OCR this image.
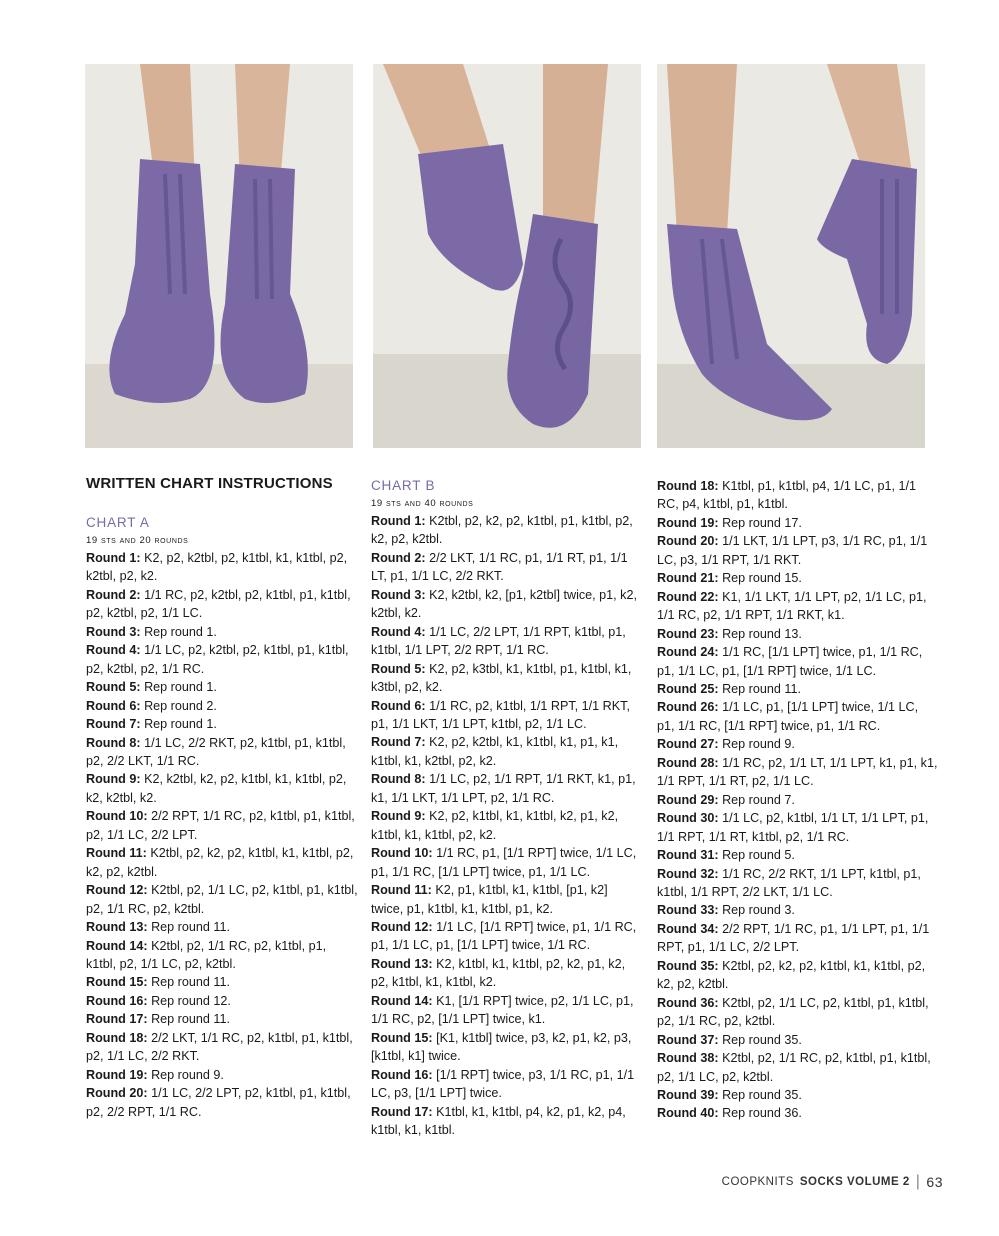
WRITTEN CHART INSTRUCTIONS
CHART A
19 sts and 20 rounds

Round 1: K2, p2, k2tbl, p2, k1tbl, k1, k1tbl, p2, k2tbl, p2, k2.

Round 2: 1/1 RC, p2, k2tbl, p2, k1tbl, p1, k1tbl, p2, k2tbl, p2, 1/1 LC.

Round 3: Rep round 1.

Round 4: 1/1 LC, p2, k2tbl, p2, k1tbl, p1, k1tbl, p2, k2tbl, p2, 1/1 RC.

Round 5: Rep round 1.

Round 6: Rep round 2.

Round 7: Rep round 1.

Round 8: 1/1 LC, 2/2 RKT, p2, k1tbl, p1, k1tbl, p2, 2/2 LKT, 1/1 RC.

Round 9: K2, k2tbl, k2, p2, k1tbl, k1, k1tbl, p2, k2, k2tbl, k2.

Round 10: 2/2 RPT, 1/1 RC, p2, k1tbl, p1, k1tbl, p2, 1/1 LC, 2/2 LPT.

Round 11: K2tbl, p2, k2, p2, k1tbl, k1, k1tbl, p2, k2, p2, k2tbl.

Round 12: K2tbl, p2, 1/1 LC, p2, k1tbl, p1, k1tbl, p2, 1/1 RC, p2, k2tbl.

Round 13: Rep round 11.

Round 14: K2tbl, p2, 1/1 RC, p2, k1tbl, p1, k1tbl, p2, 1/1 LC, p2, k2tbl.

Round 15: Rep round 11.

Round 16: Rep round 12.

Round 17: Rep round 11.

Round 18: 2/2 LKT, 1/1 RC, p2, k1tbl, p1, k1tbl, p2, 1/1 LC, 2/2 RKT.

Round 19: Rep round 9.

Round 20: 1/1 LC, 2/2 LPT, p2, k1tbl, p1, k1tbl, p2, 2/2 RPT, 1/1 RC.

CHART B
19 sts and 40 rounds

Round 1: K2tbl, p2, k2, p2, k1tbl, p1, k1tbl, p2, k2, p2, k2tbl.

Round 2: 2/2 LKT, 1/1 RC, p1, 1/1 RT, p1, 1/1 LT, p1, 1/1 LC, 2/2 RKT.

Round 3: K2, k2tbl, k2, [p1, k2tbl] twice, p1, k2, k2tbl, k2.

Round 4: 1/1 LC, 2/2 LPT, 1/1 RPT, k1tbl, p1, k1tbl, 1/1 LPT, 2/2 RPT, 1/1 RC.

Round 5: K2, p2, k3tbl, k1, k1tbl, p1, k1tbl, k1, k3tbl, p2, k2.

Round 6: 1/1 RC, p2, k1tbl, 1/1 RPT, 1/1 RKT, p1, 1/1 LKT, 1/1 LPT, k1tbl, p2, 1/1 LC.

Round 7: K2, p2, k2tbl, k1, k1tbl, k1, p1, k1, k1tbl, k1, k2tbl, p2, k2.

Round 8: 1/1 LC, p2, 1/1 RPT, 1/1 RKT, k1, p1, k1, 1/1 LKT, 1/1 LPT, p2, 1/1 RC.

Round 9: K2, p2, k1tbl, k1, k1tbl, k2, p1, k2, k1tbl, k1, k1tbl, p2, k2.

Round 10: 1/1 RC, p1, [1/1 RPT] twice, 1/1 LC, p1, 1/1 RC, [1/1 LPT] twice, p1, 1/1 LC.

Round 11: K2, p1, k1tbl, k1, k1tbl, [p1, k2] twice, p1, k1tbl, k1, k1tbl, p1, k2.

Round 12: 1/1 LC, [1/1 RPT] twice, p1, 1/1 RC, p1, 1/1 LC, p1, [1/1 LPT] twice, 1/1 RC.

Round 13: K2, k1tbl, k1, k1tbl, p2, k2, p1, k2, p2, k1tbl, k1, k1tbl, k2.

Round 14: K1, [1/1 RPT] twice, p2, 1/1 LC, p1, 1/1 RC, p2, [1/1 LPT] twice, k1.

Round 15: [K1, k1tbl] twice, p3, k2, p1, k2, p3, [k1tbl, k1] twice.

Round 16: [1/1 RPT] twice, p3, 1/1 RC, p1, 1/1 LC, p3, [1/1 LPT] twice.

Round 17: K1tbl, k1, k1tbl, p4, k2, p1, k2, p4, k1tbl, k1, k1tbl.

Round 18: K1tbl, p1, k1tbl, p4, 1/1 LC, p1, 1/1 RC, p4, k1tbl, p1, k1tbl.

Round 19: Rep round 17.

Round 20: 1/1 LKT, 1/1 LPT, p3, 1/1 RC, p1, 1/1 LC, p3, 1/1 RPT, 1/1 RKT.

Round 21: Rep round 15.

Round 22: K1, 1/1 LKT, 1/1 LPT, p2, 1/1 LC, p1, 1/1 RC, p2, 1/1 RPT, 1/1 RKT, k1.

Round 23: Rep round 13.

Round 24: 1/1 RC, [1/1 LPT] twice, p1, 1/1 RC, p1, 1/1 LC, p1, [1/1 RPT] twice, 1/1 LC.

Round 25: Rep round 11.

Round 26: 1/1 LC, p1, [1/1 LPT] twice, 1/1 LC, p1, 1/1 RC, [1/1 RPT] twice, p1, 1/1 RC.

Round 27: Rep round 9.

Round 28: 1/1 RC, p2, 1/1 LT, 1/1 LPT, k1, p1, k1, 1/1 RPT, 1/1 RT, p2, 1/1 LC.

Round 29: Rep round 7.

Round 30: 1/1 LC, p2, k1tbl, 1/1 LT, 1/1 LPT, p1, 1/1 RPT, 1/1 RT, k1tbl, p2, 1/1 RC.

Round 31: Rep round 5.

Round 32: 1/1 RC, 2/2 RKT, 1/1 LPT, k1tbl, p1, k1tbl, 1/1 RPT, 2/2 LKT, 1/1 LC.

Round 33: Rep round 3.

Round 34: 2/2 RPT, 1/1 RC, p1, 1/1 LPT, p1, 1/1 RPT, p1, 1/1 LC, 2/2 LPT.

Round 35: K2tbl, p2, k2, p2, k1tbl, k1, k1tbl, p2, k2, p2, k2tbl.

Round 36: K2tbl, p2, 1/1 LC, p2, k1tbl, p1, k1tbl, p2, 1/1 RC, p2, k2tbl.

Round 37: Rep round 35.

Round 38: K2tbl, p2, 1/1 RC, p2, k1tbl, p1, k1tbl, p2, 1/1 LC, p2, k2tbl.

Round 39: Rep round 35.

Round 40: Rep round 36.

COOPKNITS SOCKS VOLUME 2 | 63
